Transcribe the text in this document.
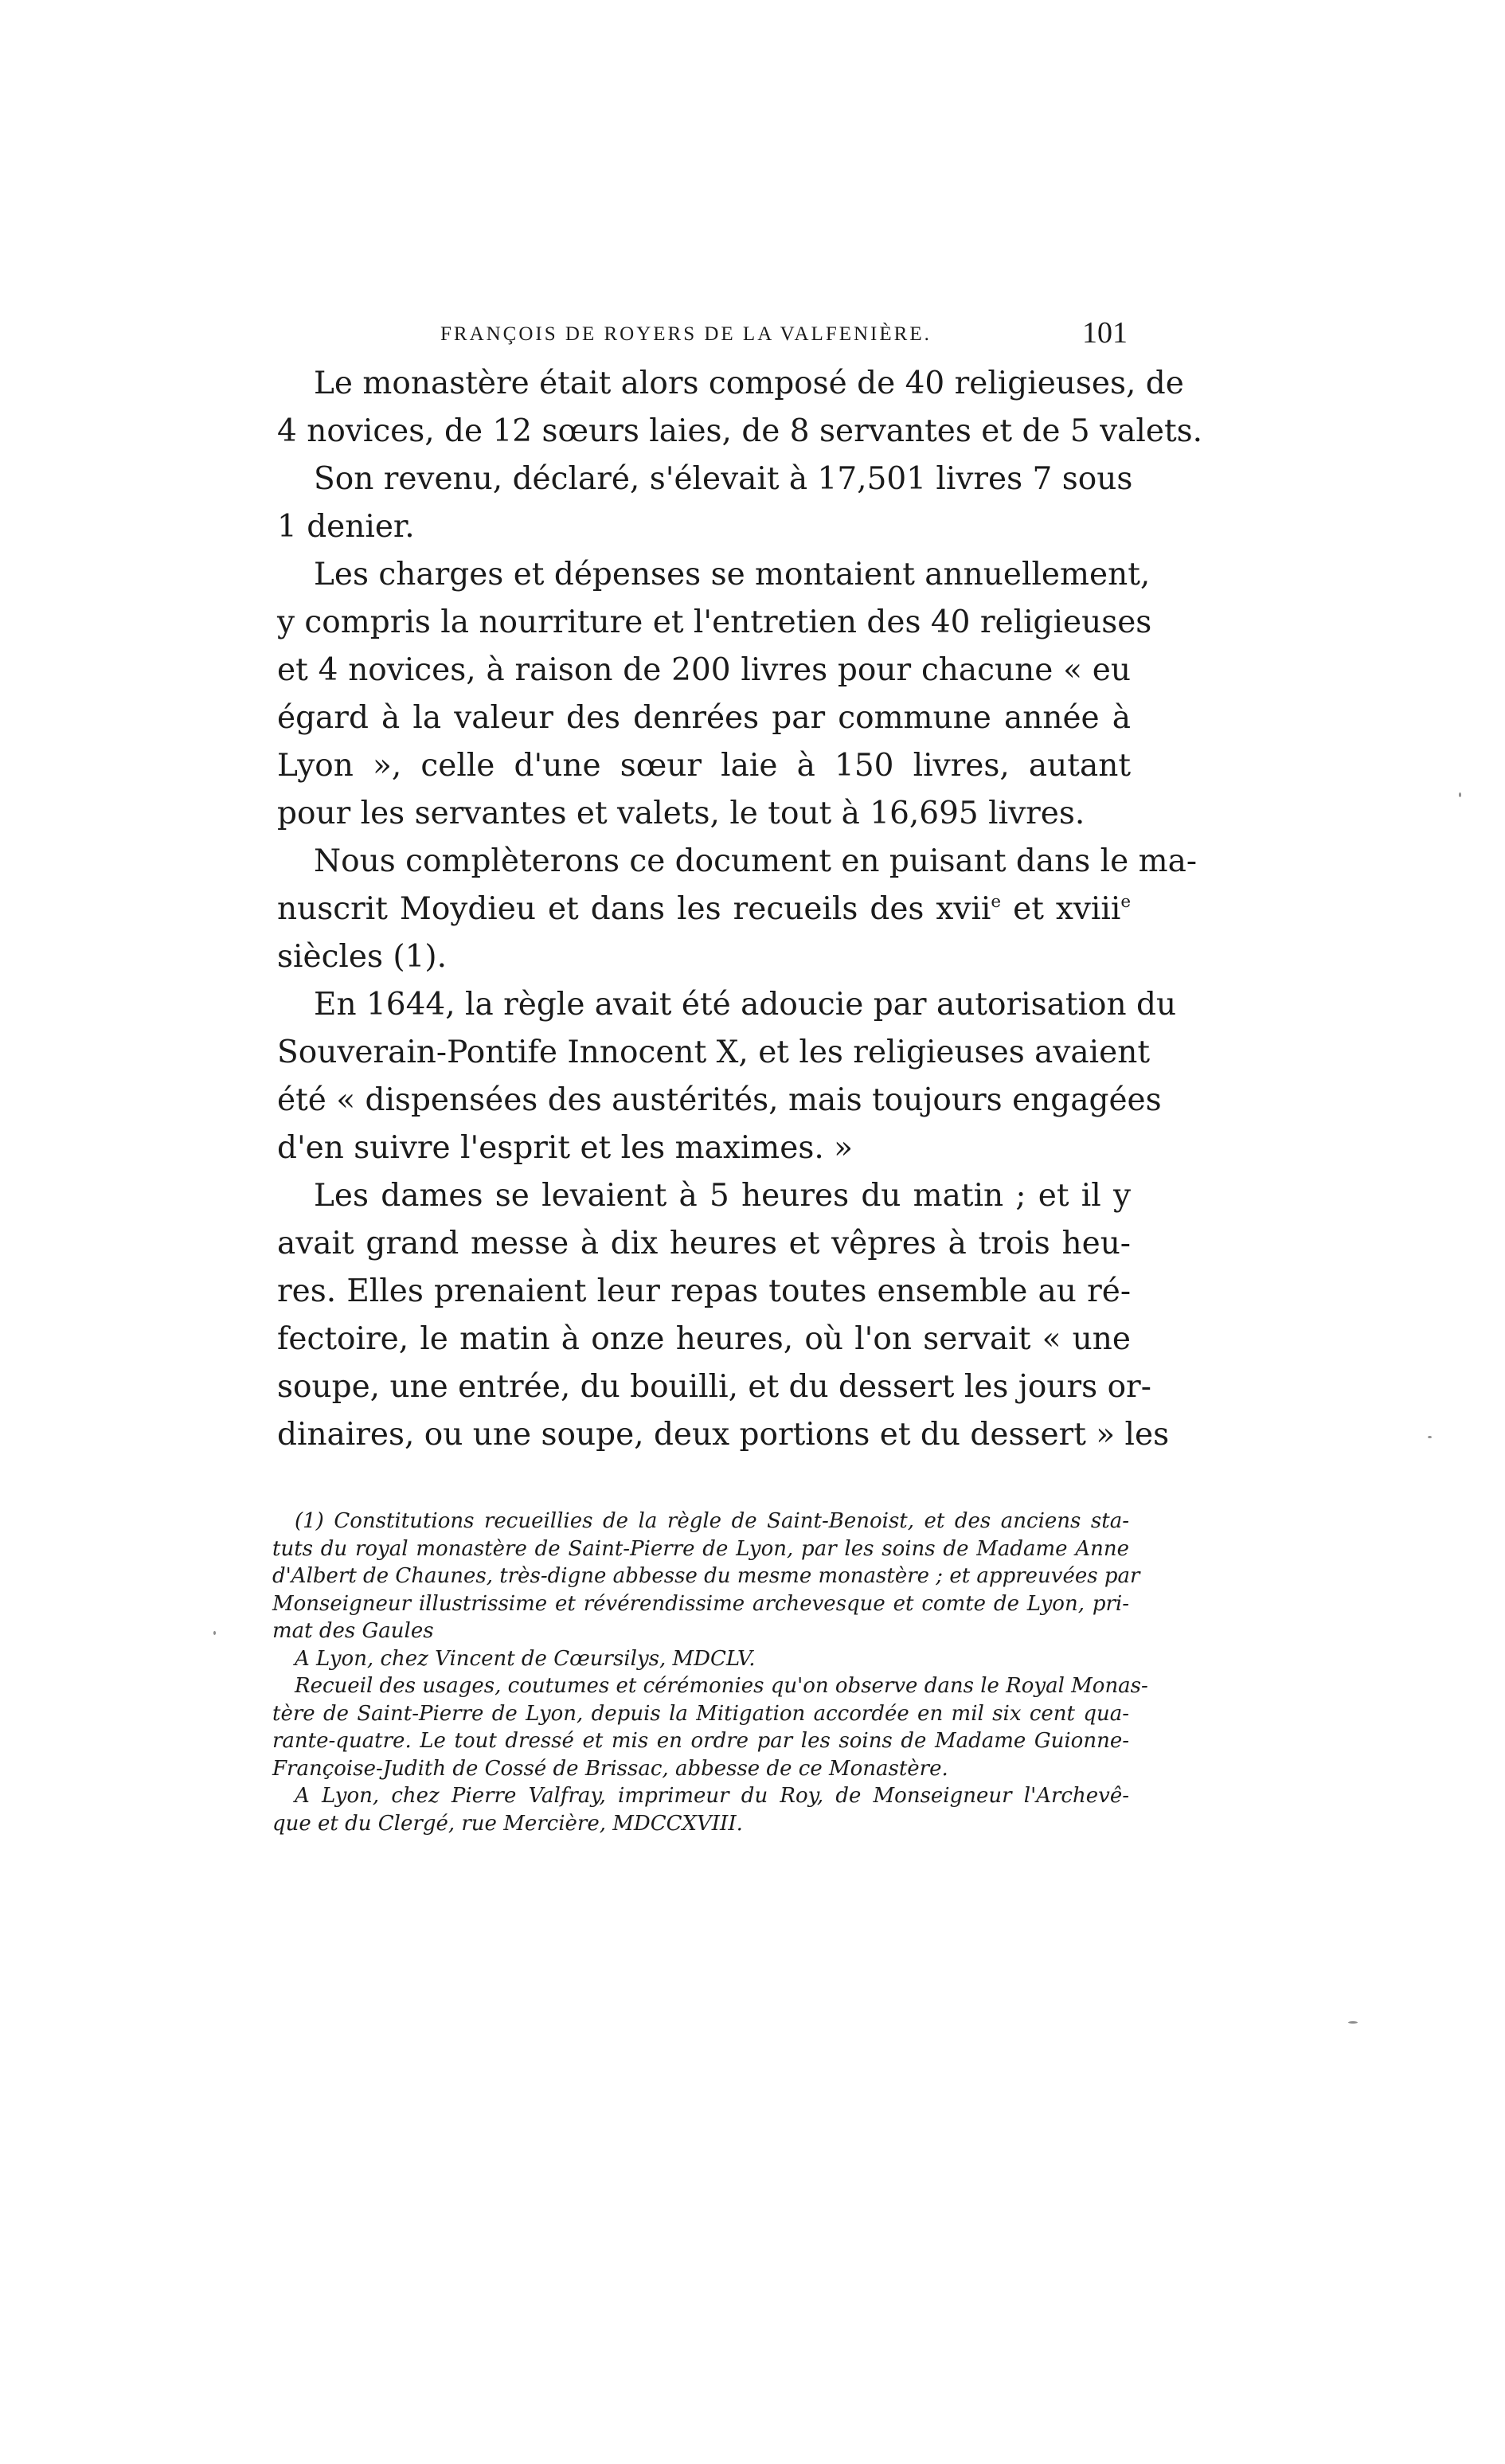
FRANÇOIS DE ROYERS DE LA VALFENIÈRE.	101
Le monastère était alors composé de 40 religieuses, de
4 novices, de 12 sœurs laies, de 8 servantes et de 5 valets.
Son revenu, déclaré, s'élevait à 17,501 livres 7 sous
1 denier.
Les charges et dépenses se montaient annuellement,
y compris la nourriture et l'entretien des 40 religieuses
et 4 novices, à raison de 200 livres pour chacune « eu
égard à la valeur des denrées par commune année à
Lyon », celle d'une sœur laie à 150 livres, autant
pour les servantes et valets, le tout à 16,695 livres.
Nous complèterons ce document en puisant dans le ma-
nuscrit Moydieu et dans les recueils des xvii$^e$ et xviii$^e$
siècles (1).
En 1644, la règle avait été adoucie par autorisation du
Souverain-Pontife Innocent X, et les religieuses avaient
été « dispensées des austérités, mais toujours engagées
d'en suivre l'esprit et les maximes. »
Les dames se levaient à 5 heures du matin ; et il y
avait grand messe à dix heures et vêpres à trois heu-
res. Elles prenaient leur repas toutes ensemble au ré-
fectoire, le matin à onze heures, où l'on servait « une
soupe, une entrée, du bouilli, et du dessert les jours or-
dinaires, ou une soupe, deux portions et du dessert » les
(1) Constitutions recueillies de la règle de Saint-Benoist, et des anciens sta-
tuts du royal monastère de Saint-Pierre de Lyon, par les soins de Madame Anne
d'Albert de Chaunes, très-digne abbesse du mesme monastère ; et appreuvées par
Monseigneur illustrissime et révérendissime archevesque et comte de Lyon, pri-
mat des Gaules
A Lyon, chez Vincent de Cœursilys, MDCLV.
Recueil des usages, coutumes et cérémonies qu'on observe dans le Royal Monas-
tère de Saint-Pierre de Lyon, depuis la Mitigation accordée en mil six cent qua-
rante-quatre. Le tout dressé et mis en ordre par les soins de Madame Guionne-
Françoise-Judith de Cossé de Brissac, abbesse de ce Monastère.
A Lyon, chez Pierre Valfray, imprimeur du Roy, de Monseigneur l'Archevê-
que et du Clergé, rue Mercière, MDCCXVIII.
